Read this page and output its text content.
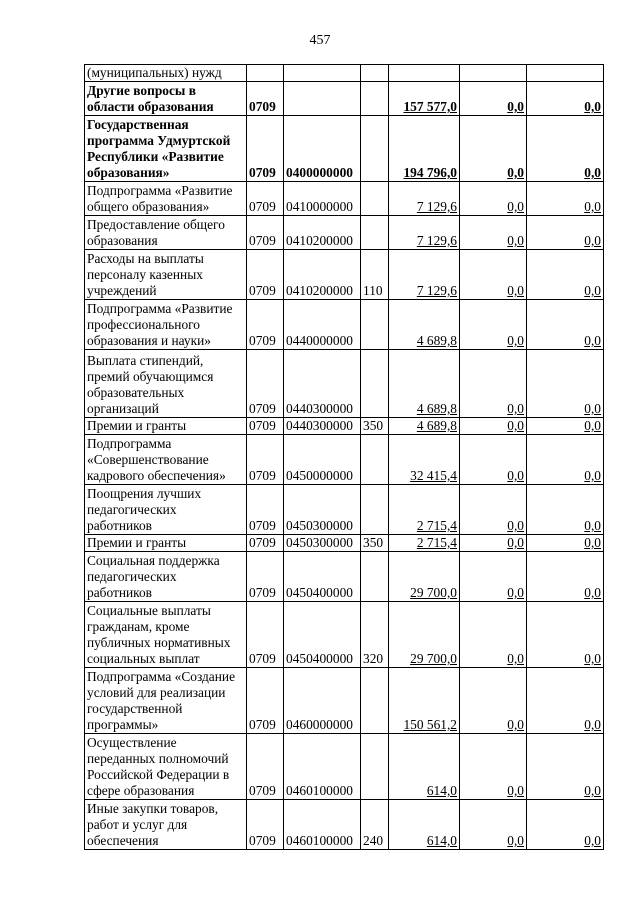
457
(муниципальных) нужд						
Другие вопросы в области образования	0709			157 577,0	0,0	0,0
Государственная программа Удмуртской Республики «Развитие образования»	0709	0400000000		194 796,0	0,0	0,0
Подпрограмма «Развитие общего образования»	0709	0410000000		7 129,6	0,0	0,0
Предоставление общего образования	0709	0410200000		7 129,6	0,0	0,0
Расходы на выплаты персоналу казенных учреждений	0709	0410200000	110	7 129,6	0,0	0,0
Подпрограмма «Развитие профессионального образования и науки»	0709	0440000000		4 689,8	0,0	0,0
Выплата стипендий, премий обучающимся образовательных организаций	0709	0440300000		4 689,8	0,0	0,0
Премии и гранты	0709	0440300000	350	4 689,8	0,0	0,0
Подпрограмма «Совершенствование кадрового обеспечения»	0709	0450000000		32 415,4	0,0	0,0
Поощрения лучших педагогических работников	0709	0450300000		2 715,4	0,0	0,0
Премии и гранты	0709	0450300000	350	2 715,4	0,0	0,0
Социальная поддержка педагогических работников	0709	0450400000		29 700,0	0,0	0,0
Социальные выплаты гражданам, кроме публичных нормативных социальных выплат	0709	0450400000	320	29 700,0	0,0	0,0
Подпрограмма «Создание условий для реализации государственной программы»	0709	0460000000		150 561,2	0,0	0,0
Осуществление переданных полномочий Российской Федерации в сфере образования	0709	0460100000		614,0	0,0	0,0
Иные закупки товаров, работ и услуг для обеспечения	0709	0460100000	240	614,0	0,0	0,0
